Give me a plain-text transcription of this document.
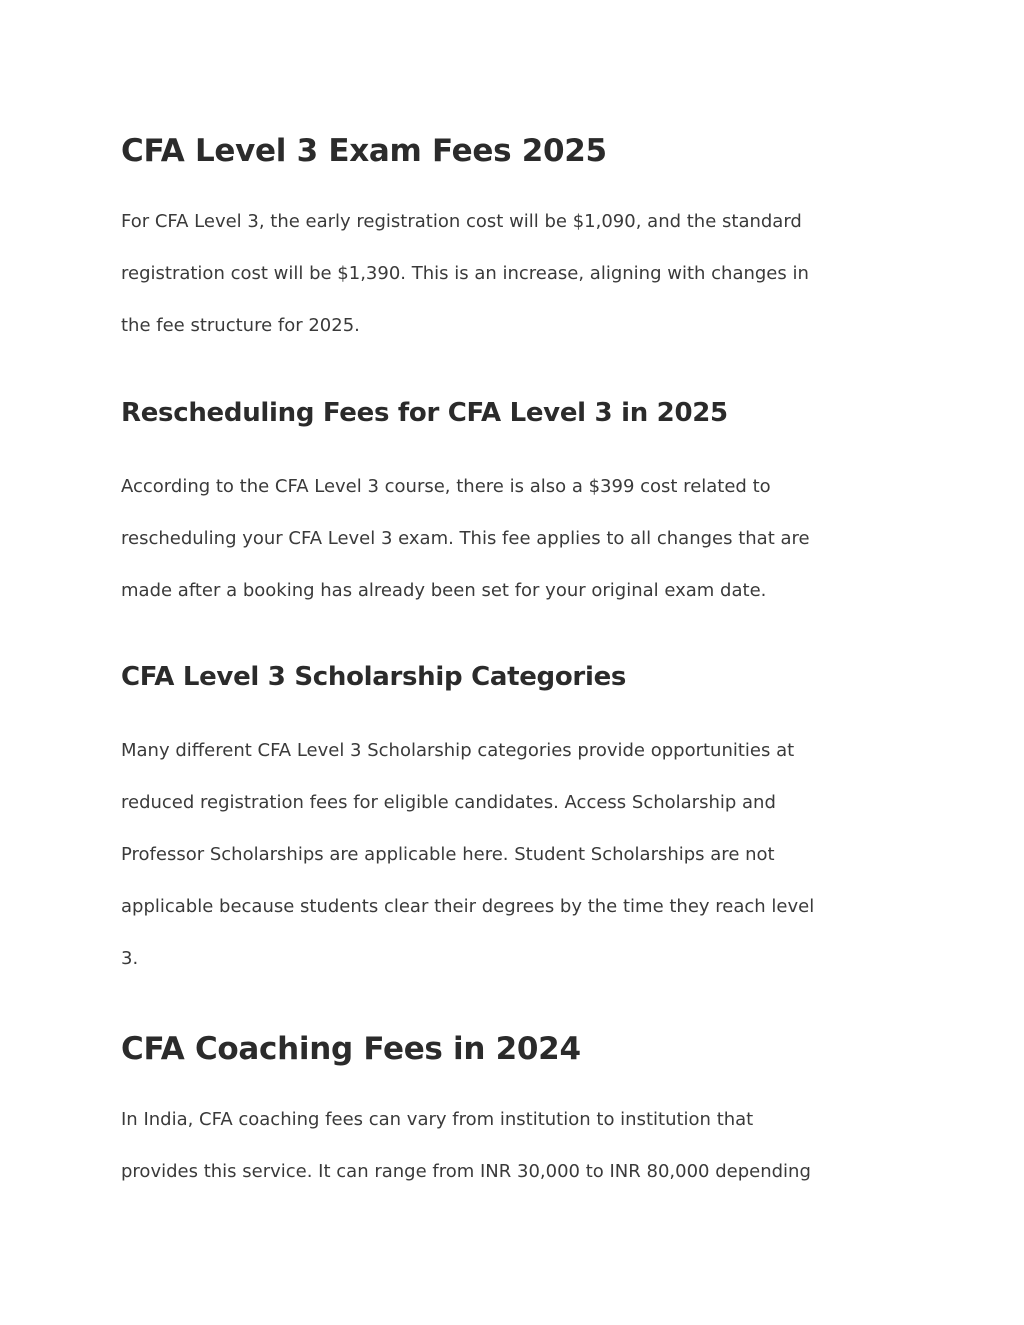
CFA Level 3 Exam Fees 2025
For CFA Level 3, the early registration cost will be $1,090, and the standard
registration cost will be $1,390. This is an increase, aligning with changes in
the fee structure for 2025.
Rescheduling Fees for CFA Level 3 in 2025
According to the CFA Level 3 course, there is also a $399 cost related to
rescheduling your CFA Level 3 exam. This fee applies to all changes that are
made after a booking has already been set for your original exam date.
CFA Level 3 Scholarship Categories
Many different CFA Level 3 Scholarship categories provide opportunities at
reduced registration fees for eligible candidates. Access Scholarship and
Professor Scholarships are applicable here. Student Scholarships are not
applicable because students clear their degrees by the time they reach level
3.
CFA Coaching Fees in 2024
In India, CFA coaching fees can vary from institution to institution that
provides this service. It can range from INR 30,000 to INR 80,000 depending
